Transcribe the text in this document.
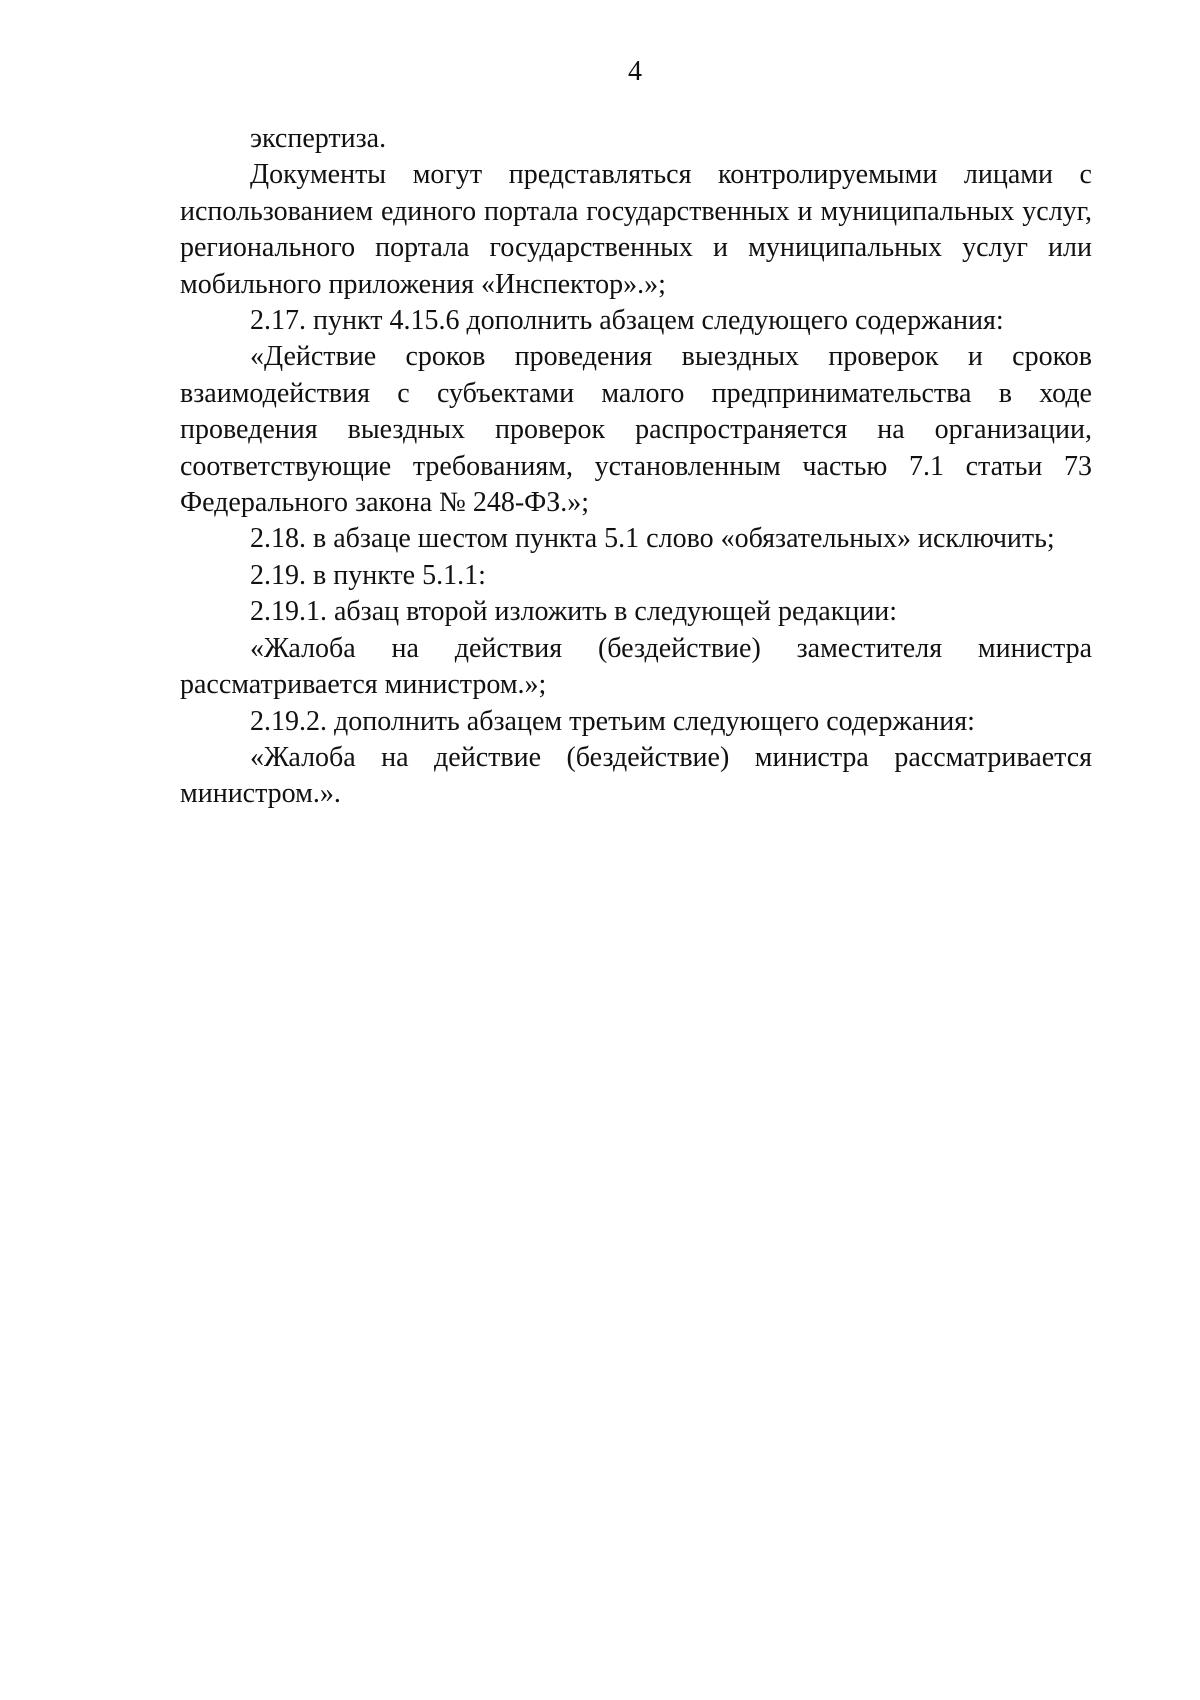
4

экспертиза.

Документы могут представляться контролируемыми лицами с использованием единого портала государственных и муниципальных услуг, регионального портала государственных и муниципальных услуг или мобильного приложения «Инспектор».»;

2.17. пункт 4.15.6 дополнить абзацем следующего содержания:

«Действие сроков проведения выездных проверок и сроков взаимодействия с субъектами малого предпринимательства в ходе проведения выездных проверок распространяется на организации, соответствующие требованиям, установленным частью 7.1 статьи 73 Федерального закона № 248-ФЗ.»;

2.18. в абзаце шестом пункта 5.1 слово «обязательных» исключить;

2.19. в пункте 5.1.1:

2.19.1. абзац второй изложить в следующей редакции:

«Жалоба на действия (бездействие) заместителя министра рассматривается министром.»;

2.19.2. дополнить абзацем третьим следующего содержания:

«Жалоба на действие (бездействие) министра рассматривается министром.».
